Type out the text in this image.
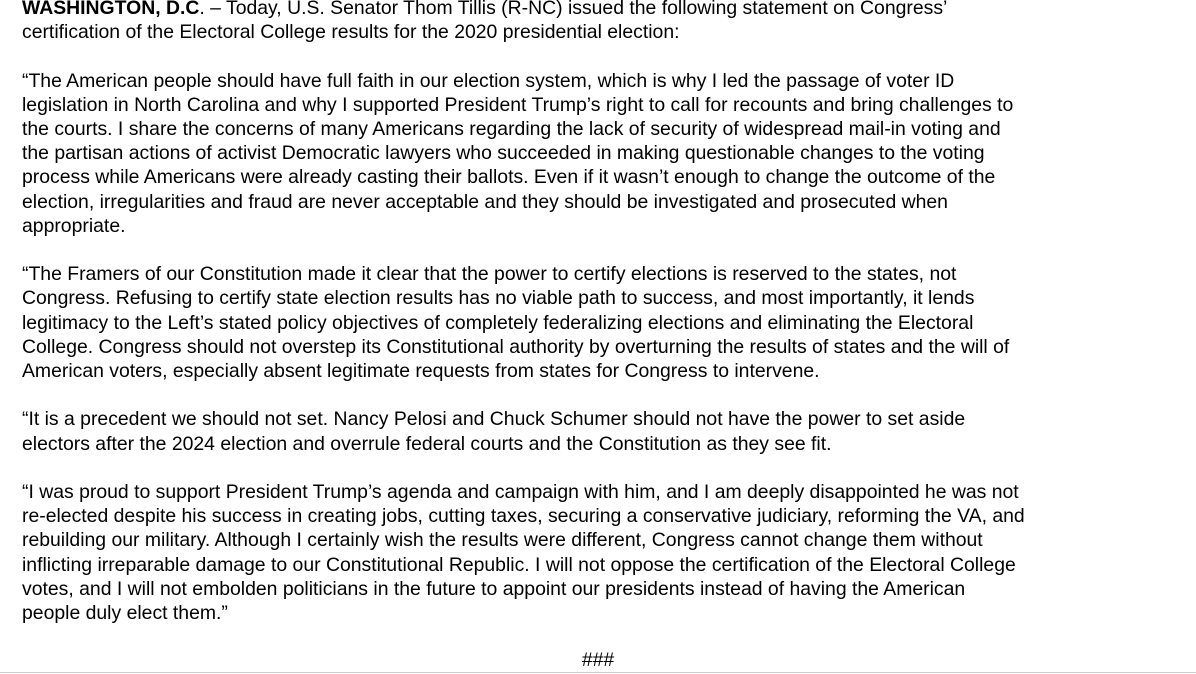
WASHINGTON, D.C. – Today, U.S. Senator Thom Tillis (R-NC) issued the following statement on Congress’
certification of the Electoral College results for the 2020 presidential election:

“The American people should have full faith in our election system, which is why I led the passage of voter ID
legislation in North Carolina and why I supported President Trump’s right to call for recounts and bring challenges to
the courts. I share the concerns of many Americans regarding the lack of security of widespread mail-in voting and
the partisan actions of activist Democratic lawyers who succeeded in making questionable changes to the voting
process while Americans were already casting their ballots. Even if it wasn’t enough to change the outcome of the
election, irregularities and fraud are never acceptable and they should be investigated and prosecuted when
appropriate.

“The Framers of our Constitution made it clear that the power to certify elections is reserved to the states, not
Congress. Refusing to certify state election results has no viable path to success, and most importantly, it lends
legitimacy to the Left’s stated policy objectives of completely federalizing elections and eliminating the Electoral
College. Congress should not overstep its Constitutional authority by overturning the results of states and the will of
American voters, especially absent legitimate requests from states for Congress to intervene.

“It is a precedent we should not set. Nancy Pelosi and Chuck Schumer should not have the power to set aside
electors after the 2024 election and overrule federal courts and the Constitution as they see fit.

“I was proud to support President Trump’s agenda and campaign with him, and I am deeply disappointed he was not
re-elected despite his success in creating jobs, cutting taxes, securing a conservative judiciary, reforming the VA, and
rebuilding our military. Although I certainly wish the results were different, Congress cannot change them without
inflicting irreparable damage to our Constitutional Republic. I will not oppose the certification of the Electoral College
votes, and I will not embolden politicians in the future to appoint our presidents instead of having the American
people duly elect them.”

###
